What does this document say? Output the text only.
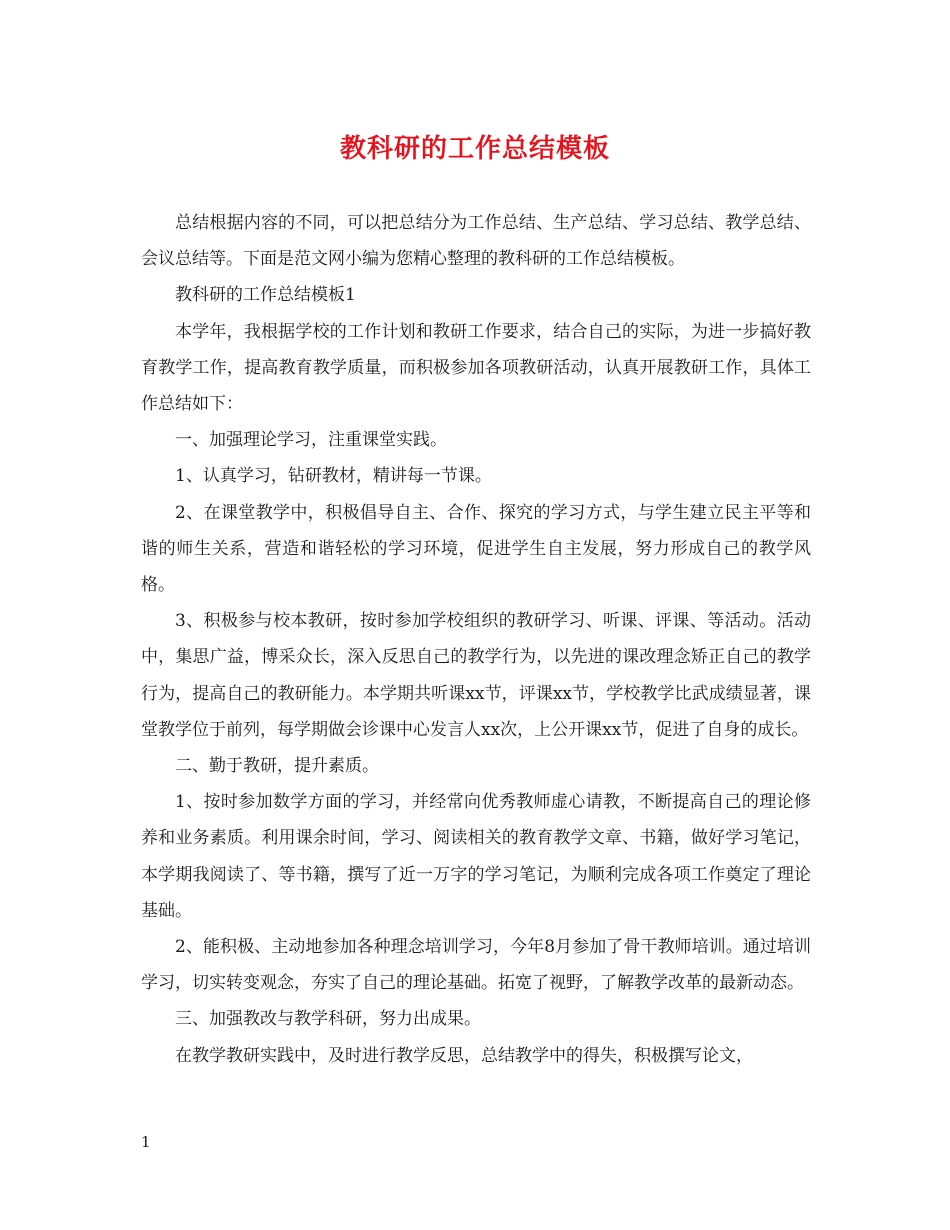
教科研的工作总结模板

总结根据内容的不同，可以把总结分为工作总结、生产总结、学习总结、教学总结、会议总结等。下面是范文网小编为您精心整理的教科研的工作总结模板。

教科研的工作总结模板1

本学年，我根据学校的工作计划和教研工作要求，结合自己的实际，为进一步搞好教育教学工作，提高教育教学质量，而积极参加各项教研活动，认真开展教研工作，具体工作总结如下：

一、加强理论学习，注重课堂实践。

1、认真学习，钻研教材，精讲每一节课。

2、在课堂教学中，积极倡导自主、合作、探究的学习方式，与学生建立民主平等和谐的师生关系，营造和谐轻松的学习环境，促进学生自主发展，努力形成自己的教学风格。

3、积极参与校本教研，按时参加学校组织的教研学习、听课、评课、等活动。活动中，集思广益，博采众长，深入反思自己的教学行为，以先进的课改理念矫正自己的教学行为，提高自己的教研能力。本学期共听课xx节，评课xx节，学校教学比武成绩显著，课堂教学位于前列，每学期做会诊课中心发言人xx次，上公开课xx节，促进了自身的成长。

二、勤于教研，提升素质。

1、按时参加数学方面的学习，并经常向优秀教师虚心请教，不断提高自己的理论修养和业务素质。利用课余时间，学习、阅读相关的教育教学文章、书籍，做好学习笔记，本学期我阅读了、等书籍，撰写了近一万字的学习笔记，为顺利完成各项工作奠定了理论基础。

2、能积极、主动地参加各种理念培训学习，今年8月参加了骨干教师培训。通过培训学习，切实转变观念，夯实了自己的理论基础。拓宽了视野，了解教学改革的最新动态。

三、加强教改与教学科研，努力出成果。

在教学教研实践中，及时进行教学反思，总结教学中的得失，积极撰写论文，

1
